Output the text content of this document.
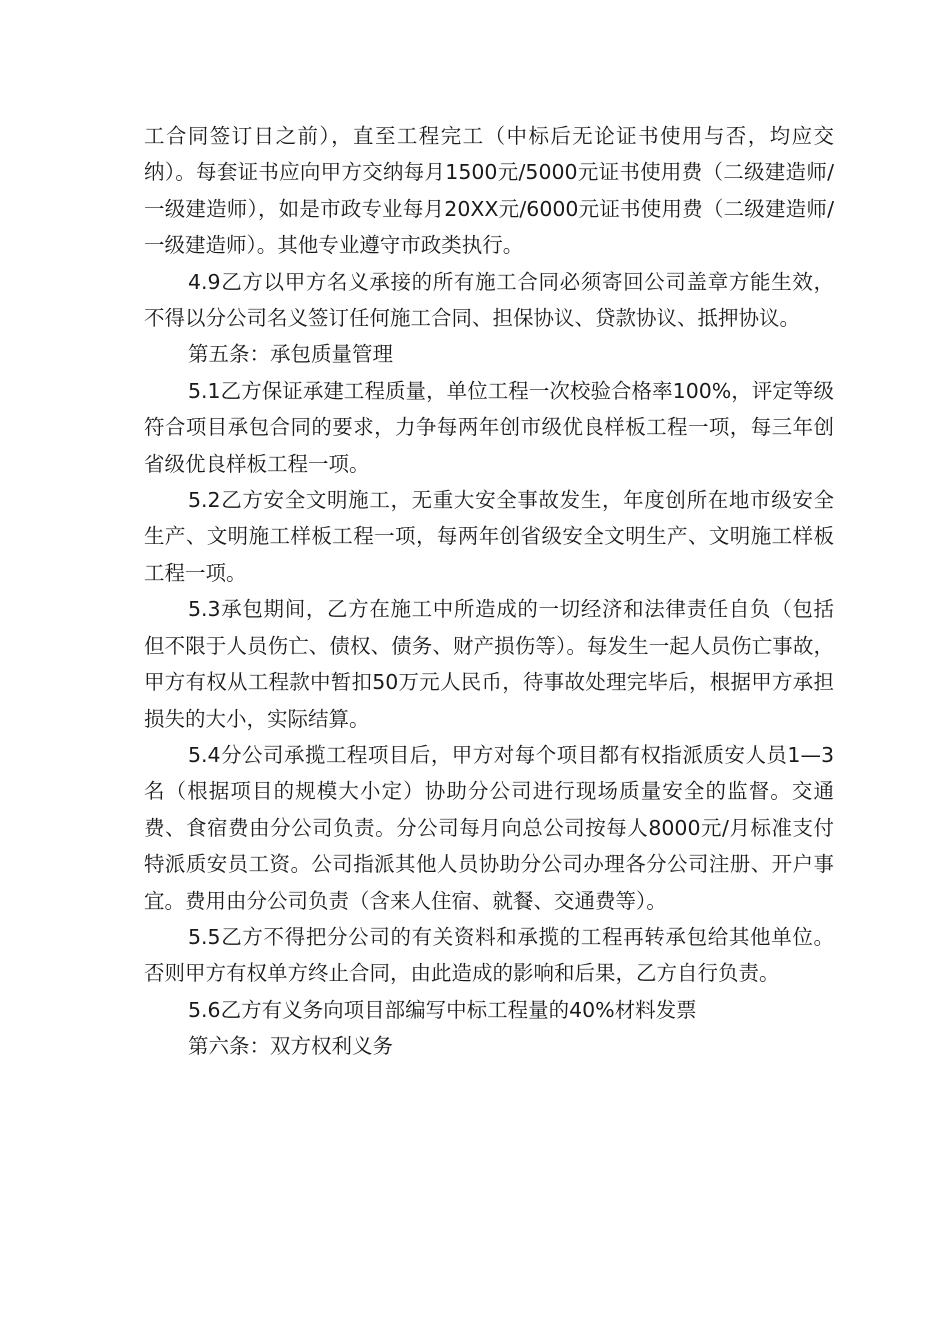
工合同签订日之前），直至工程完工（中标后无论证书使用与否，均应交纳）。每套证书应向甲方交纳每月1500元/5000元证书使用费（二级建造师/一级建造师），如是市政专业每月20XX元/6000元证书使用费（二级建造师/一级建造师）。其他专业遵守市政类执行。

4.9乙方以甲方名义承接的所有施工合同必须寄回公司盖章方能生效，不得以分公司名义签订任何施工合同、担保协议、贷款协议、抵押协议。

第五条：承包质量管理

5.1乙方保证承建工程质量，单位工程一次校验合格率100%，评定等级符合项目承包合同的要求，力争每两年创市级优良样板工程一项，每三年创省级优良样板工程一项。

5.2乙方安全文明施工，无重大安全事故发生，年度创所在地市级安全生产、文明施工样板工程一项，每两年创省级安全文明生产、文明施工样板工程一项。

5.3承包期间，乙方在施工中所造成的一切经济和法律责任自负（包括但不限于人员伤亡、债权、债务、财产损伤等）。每发生一起人员伤亡事故，甲方有权从工程款中暂扣50万元人民币，待事故处理完毕后，根据甲方承担损失的大小，实际结算。

5.4分公司承揽工程项目后，甲方对每个项目都有权指派质安人员1—3名（根据项目的规模大小定）协助分公司进行现场质量安全的监督。交通费、食宿费由分公司负责。分公司每月向总公司按每人8000元/月标准支付特派质安员工资。公司指派其他人员协助分公司办理各分公司注册、开户事宜。费用由分公司负责（含来人住宿、就餐、交通费等）。

5.5乙方不得把分公司的有关资料和承揽的工程再转承包给其他单位。否则甲方有权单方终止合同，由此造成的影响和后果，乙方自行负责。

5.6乙方有义务向项目部编写中标工程量的40%材料发票

第六条：双方权利义务
